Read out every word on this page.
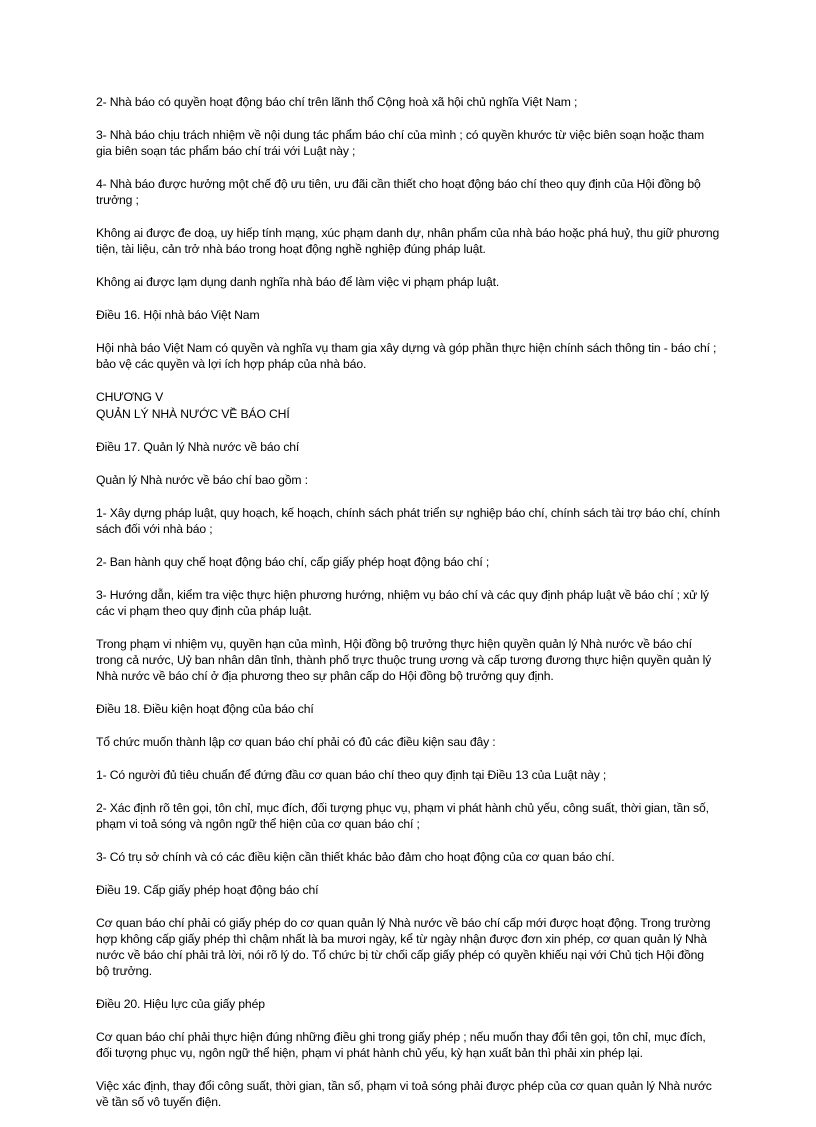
2- Nhà báo có quyền hoạt động báo chí trên lãnh thổ Cộng hoà xã hội chủ nghĩa Việt Nam ;

3- Nhà báo chịu trách nhiệm về nội dung tác phẩm báo chí của mình ; có quyền khước từ việc biên soạn hoặc tham gia biên soạn tác phẩm báo chí trái với Luật này ;

4- Nhà báo được hưởng một chế độ ưu tiên, ưu đãi cần thiết cho hoạt động báo chí theo quy định của Hội đồng bộ trưởng ;

Không ai được đe doạ, uy hiếp tính mạng, xúc phạm danh dự, nhân phẩm của nhà báo hoặc phá huỷ, thu giữ phương tiện, tài liệu, cản trở nhà báo trong hoạt động nghề nghiệp đúng pháp luật.

Không ai được lạm dụng danh nghĩa nhà báo để làm việc vi phạm pháp luật.

Điều 16. Hội nhà báo Việt Nam

Hội nhà báo Việt Nam có quyền và nghĩa vụ tham gia xây dựng và góp phần thực hiện chính sách thông tin - báo chí ; bảo vệ các quyền và lợi ích hợp pháp của nhà báo.

CHƯƠNG V

QUẢN LÝ NHÀ NƯỚC VỀ BÁO CHÍ

Điều 17. Quản lý Nhà nước về báo chí

Quản lý Nhà nước về báo chí bao gồm :

1- Xây dựng pháp luật, quy hoạch, kế hoạch, chính sách phát triển sự nghiệp báo chí, chính sách tài trợ báo chí, chính sách đối với nhà báo ;

2- Ban hành quy chế hoạt động báo chí, cấp giấy phép hoạt động báo chí ;

3- Hướng dẫn, kiểm tra việc thực hiện phương hướng, nhiệm vụ báo chí và các quy định pháp luật về báo chí ; xử lý các vi phạm theo quy định của pháp luật.

Trong phạm vi nhiệm vụ, quyền hạn của mình, Hội đồng bộ trưởng thực hiện quyền quản lý Nhà nước về báo chí trong cả nước, Uỷ ban nhân dân tỉnh, thành phố trực thuộc trung ương và cấp tương đương thực hiện quyền quản lý Nhà nước về báo chí ở địa phương theo sự phân cấp do Hội đồng bộ trưởng quy định.

Điều 18. Điều kiện hoạt động của báo chí

Tổ chức muốn thành lập cơ quan báo chí phải có đủ các điều kiện sau đây :

1- Có người đủ tiêu chuẩn để đứng đầu cơ quan báo chí theo quy định tại Điều 13 của Luật này ;

2- Xác định rõ tên gọi, tôn chỉ, mục đích, đối tượng phục vụ, phạm vi phát hành chủ yếu, công suất, thời gian, tần số, phạm vi toả sóng và ngôn ngữ thể hiện của cơ quan báo chí ;

3- Có trụ sở chính và có các điều kiện cần thiết khác bảo đảm cho hoạt động của cơ quan báo chí.

Điều 19. Cấp giấy phép hoạt động báo chí

Cơ quan báo chí phải có giấy phép do cơ quan quản lý Nhà nước về báo chí cấp mới được hoạt động. Trong trường hợp không cấp giấy phép thì chậm nhất là ba mươi ngày, kể từ ngày nhận được đơn xin phép, cơ quan quản lý Nhà nước về báo chí phải trả lời, nói rõ lý do. Tổ chức bị từ chối cấp giấy phép có quyền khiếu nại với Chủ tịch Hội đồng bộ trưởng.

Điều 20. Hiệu lực của giấy phép

Cơ quan báo chí phải thực hiện đúng những điều ghi trong giấy phép ; nếu muốn thay đổi tên gọi, tôn chỉ, mục đích, đối tượng phục vụ, ngôn ngữ thể hiện, phạm vi phát hành chủ yếu, kỳ hạn xuất bản thì phải xin phép lại.

Việc xác định, thay đổi công suất, thời gian, tần số, phạm vi toả sóng phải được phép của cơ quan quản lý Nhà nước về tần số vô tuyến điện.
